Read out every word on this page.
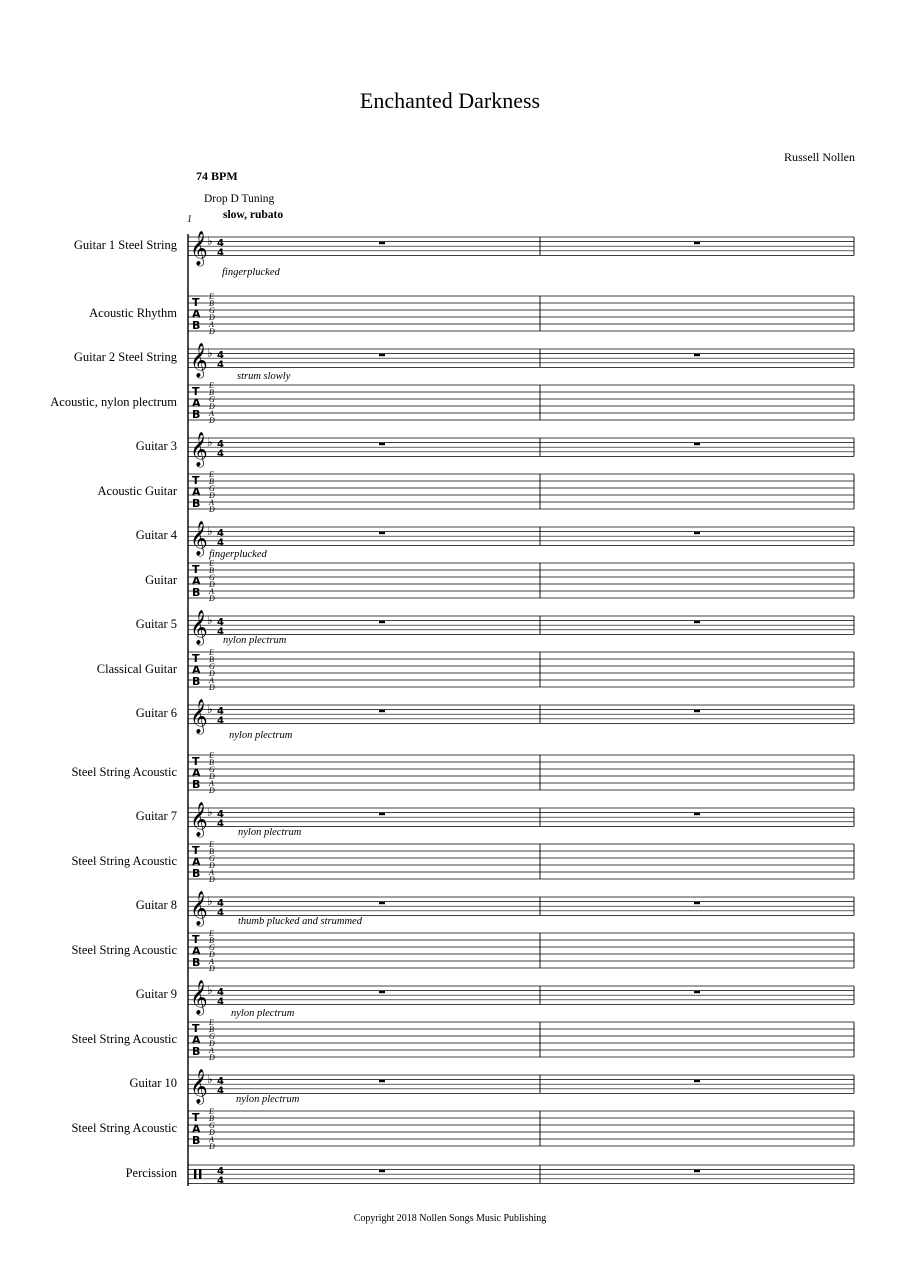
Enchanted Darkness
Russell Nollen
74 BPM
Drop D Tuning
slow, rubato
1
𝄞 ♭ 4
4
T
A
B
E
B
G
D
A
D
𝄞 ♭ 4
4
T
A
B
E
B
G
D
A
D
𝄞 ♭ 4
4
T
A
B
E
B
G
D
A
D
𝄞 ♭ 4
4
T
A
B
E
B
G
D
A
D
𝄞 ♭ 4
4
T
A
B
E
B
G
D
A
D
𝄞 ♭ 4
4
T
A
B
E
B
G
D
A
D
𝄞 ♭ 4
4
T
A
B
E
B
G
D
A
D
𝄞 ♭ 4
4
T
A
B
E
B
G
D
A
D
𝄞 ♭ 4
4
T
A
B
E
B
G
D
A
D
𝄞 ♭ 4
4
T
A
B
E
B
G
D
A
D
4
4
Guitar 1 Steel String
fingerplucked
Acoustic Rhythm
Guitar 2 Steel String
strum slowly
Acoustic, nylon plectrum
Guitar 3
Acoustic Guitar
Guitar 4
fingerplucked
Guitar
Guitar 5
nylon plectrum
Classical Guitar
Guitar 6
nylon plectrum
Steel String Acoustic
Guitar 7
nylon plectrum
Steel String Acoustic
Guitar 8
thumb plucked and strummed
Steel String Acoustic
Guitar 9
nylon plectrum
Steel String Acoustic
Guitar 10
nylon plectrum
Steel String Acoustic
Percission
Copyright 2018 Nollen Songs Music Publishing
